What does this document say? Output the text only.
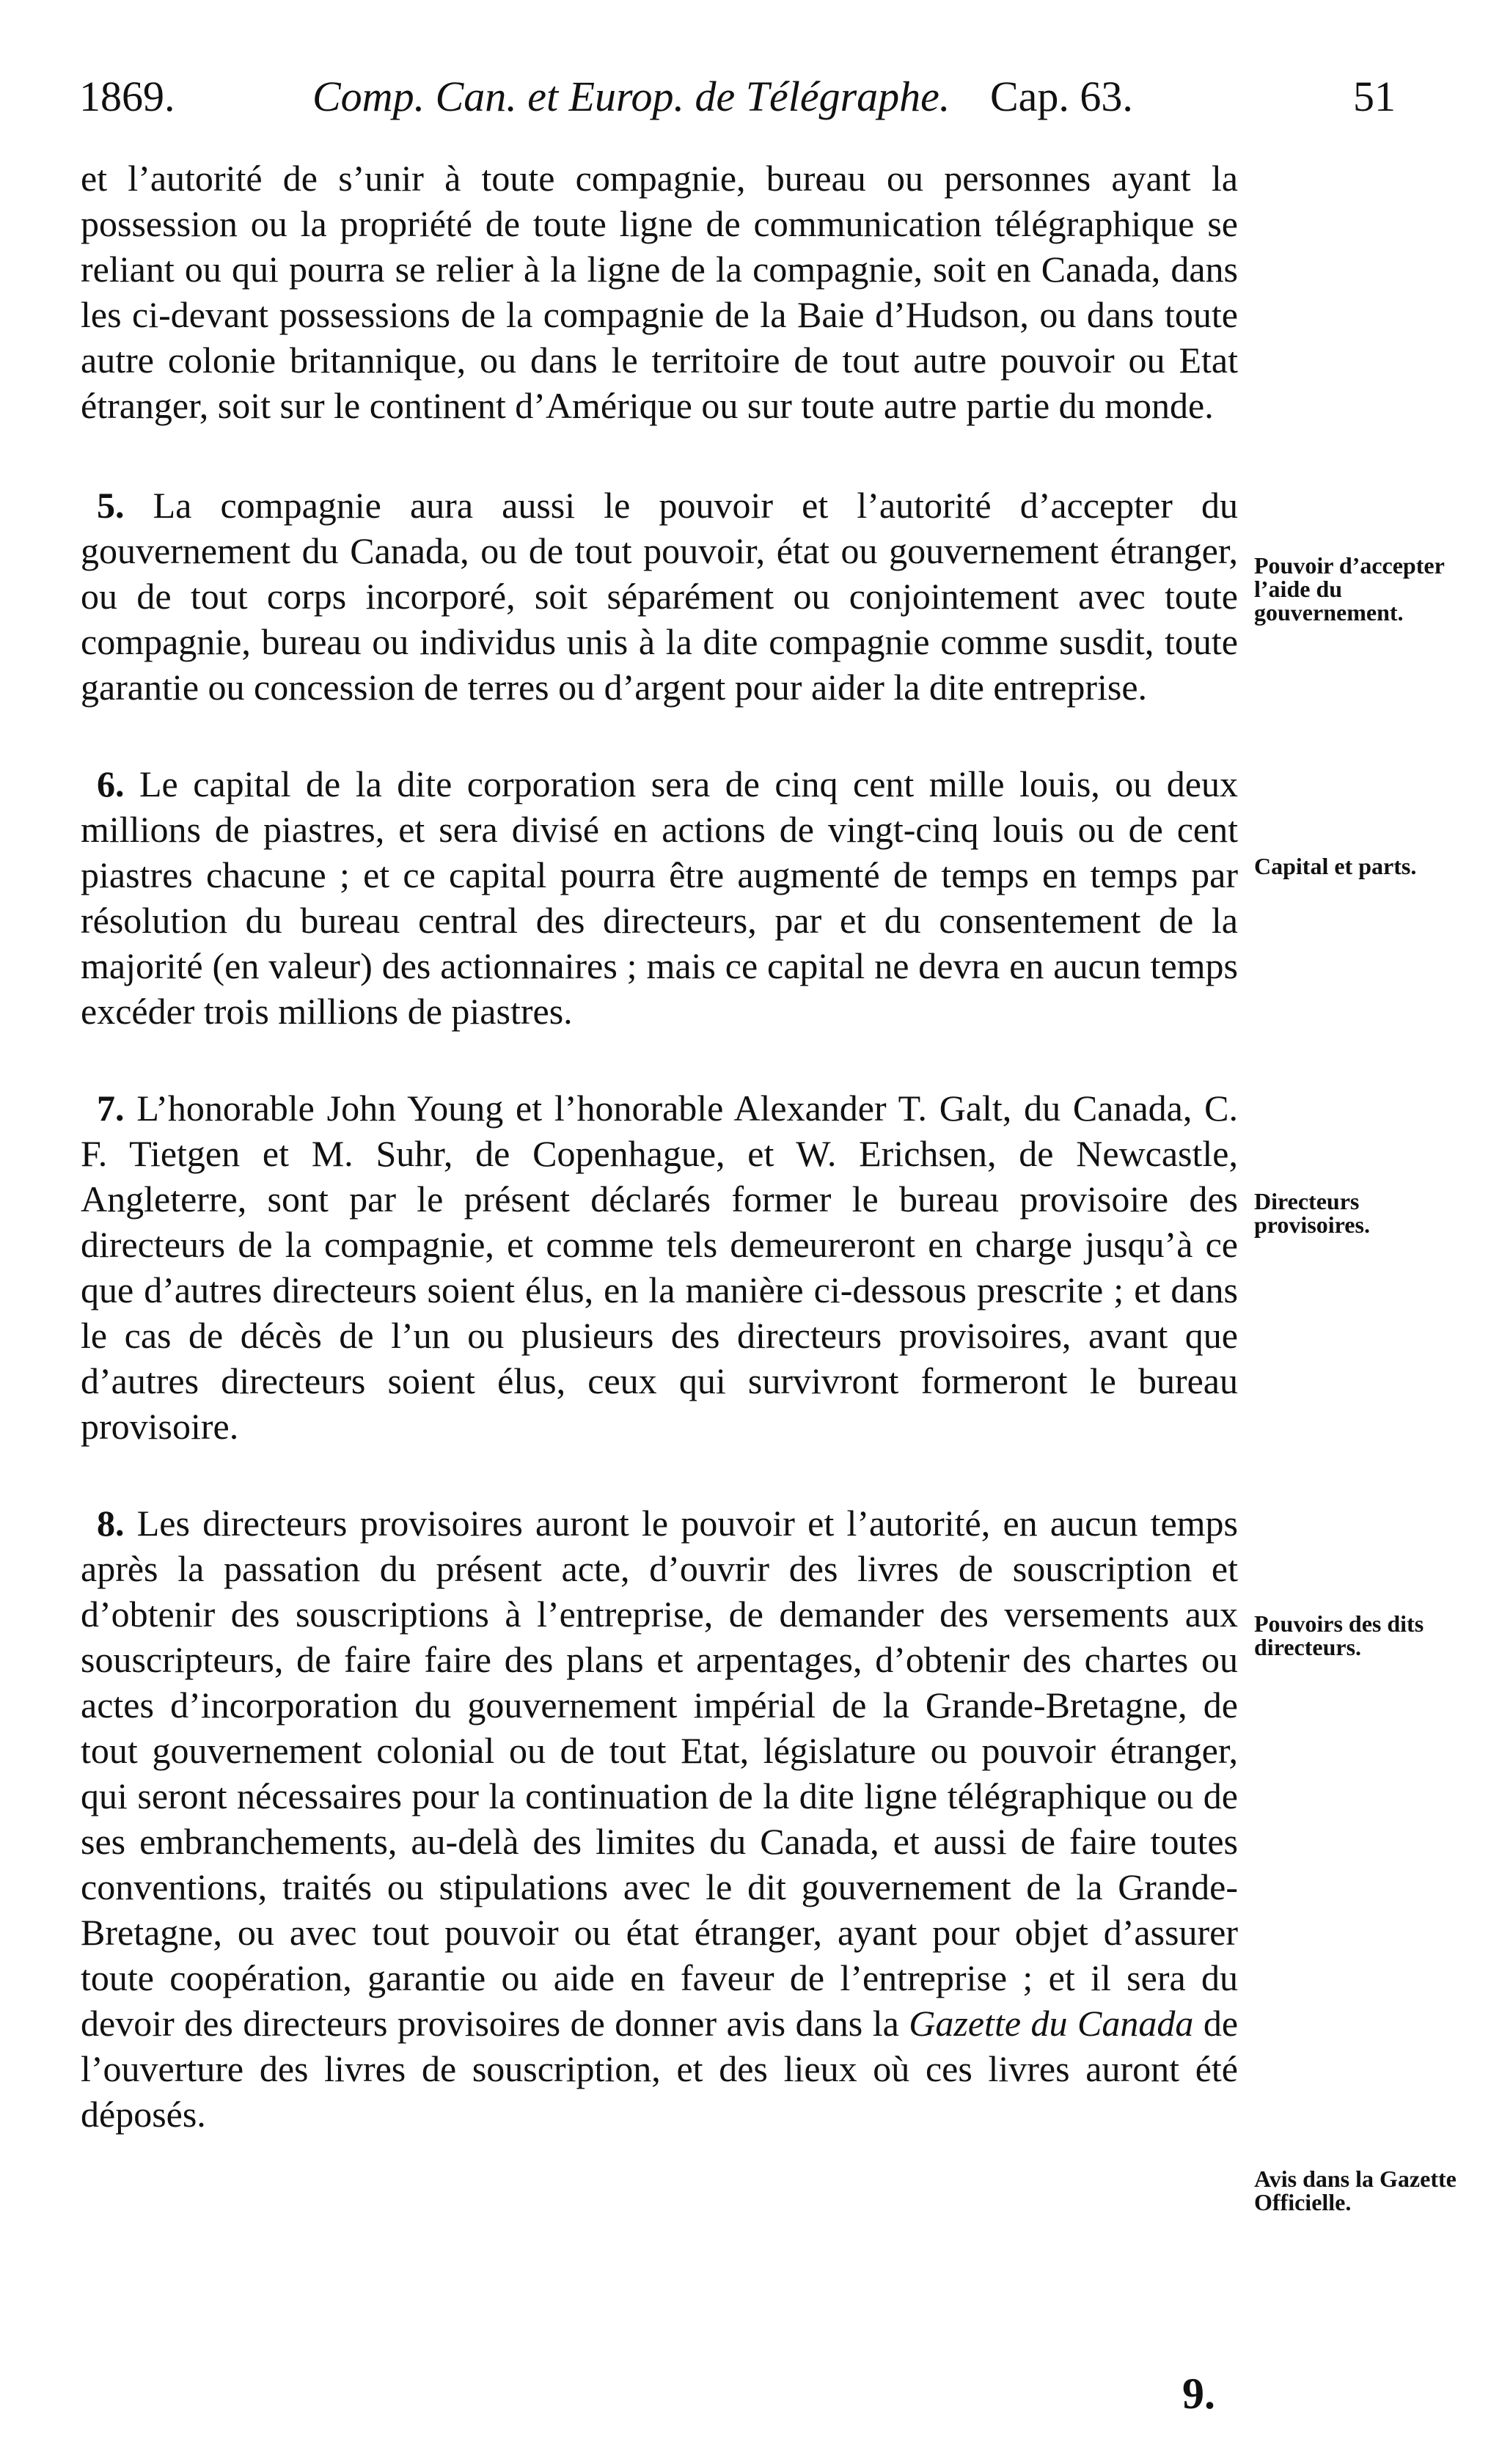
1869.	Comp. Can. et Europ. de Télégraphe. Cap. 63.	51

et l’autorité de s’unir à toute compagnie, bureau ou personnes ayant la possession ou la propriété de toute ligne de communication télégraphique se reliant ou qui pourra se relier à la ligne de la compagnie, soit en Canada, dans les ci-devant possessions de la compagnie de la Baie d’Hudson, ou dans toute autre colonie britannique, ou dans le territoire de tout autre pouvoir ou Etat étranger, soit sur le continent d’Amérique ou sur toute autre partie du monde.

5. La compagnie aura aussi le pouvoir et l’autorité d’accepter du gouvernement du Canada, ou de tout pouvoir, état ou gouvernement étranger, ou de tout corps incorporé, soit séparément ou conjointement avec toute compagnie, bureau ou individus unis à la dite compagnie comme susdit, toute garantie ou concession de terres ou d’argent pour aider la dite entreprise.

6. Le capital de la dite corporation sera de cinq cent mille louis, ou deux millions de piastres, et sera divisé en actions de vingt-cinq louis ou de cent piastres chacune ; et ce capital pourra être augmenté de temps en temps par résolution du bureau central des directeurs, par et du consentement de la majorité (en valeur) des actionnaires ; mais ce capital ne devra en aucun temps excéder trois millions de piastres.

7. L’honorable John Young et l’honorable Alexander T. Galt, du Canada, C. F. Tietgen et M. Suhr, de Copenhague, et W. Erichsen, de Newcastle, Angleterre, sont par le présent déclarés former le bureau provisoire des directeurs de la compagnie, et comme tels demeureront en charge jusqu’à ce que d’autres directeurs soient élus, en la manière ci-dessous prescrite ; et dans le cas de décès de l’un ou plusieurs des directeurs provisoires, avant que d’autres directeurs soient élus, ceux qui survivront formeront le bureau provisoire.

8. Les directeurs provisoires auront le pouvoir et l’autorité, en aucun temps après la passation du présent acte, d’ouvrir des livres de souscription et d’obtenir des souscriptions à l’entreprise, de demander des versements aux souscripteurs, de faire faire des plans et arpentages, d’obtenir des chartes ou actes d’incorporation du gouvernement impérial de la Grande-Bretagne, de tout gouvernement colonial ou de tout Etat, législature ou pouvoir étranger, qui seront nécessaires pour la continuation de la dite ligne télégraphique ou de ses embranchements, au-delà des limites du Canada, et aussi de faire toutes conventions, traités ou stipulations avec le dit gouvernement de la Grande-Bretagne, ou avec tout pouvoir ou état étranger, ayant pour objet d’assurer toute coopération, garantie ou aide en faveur de l’entreprise ; et il sera du devoir des directeurs provisoires de donner avis dans la Gazette du Canada de l’ouverture des livres de souscription, et des lieux où ces livres auront été déposés.

Pouvoir d’accepter l’aide du gouvernement.
Capital et parts.
Directeurs provisoires.
Pouvoirs des dits directeurs.
Avis dans la Gazette Officielle.
9.
